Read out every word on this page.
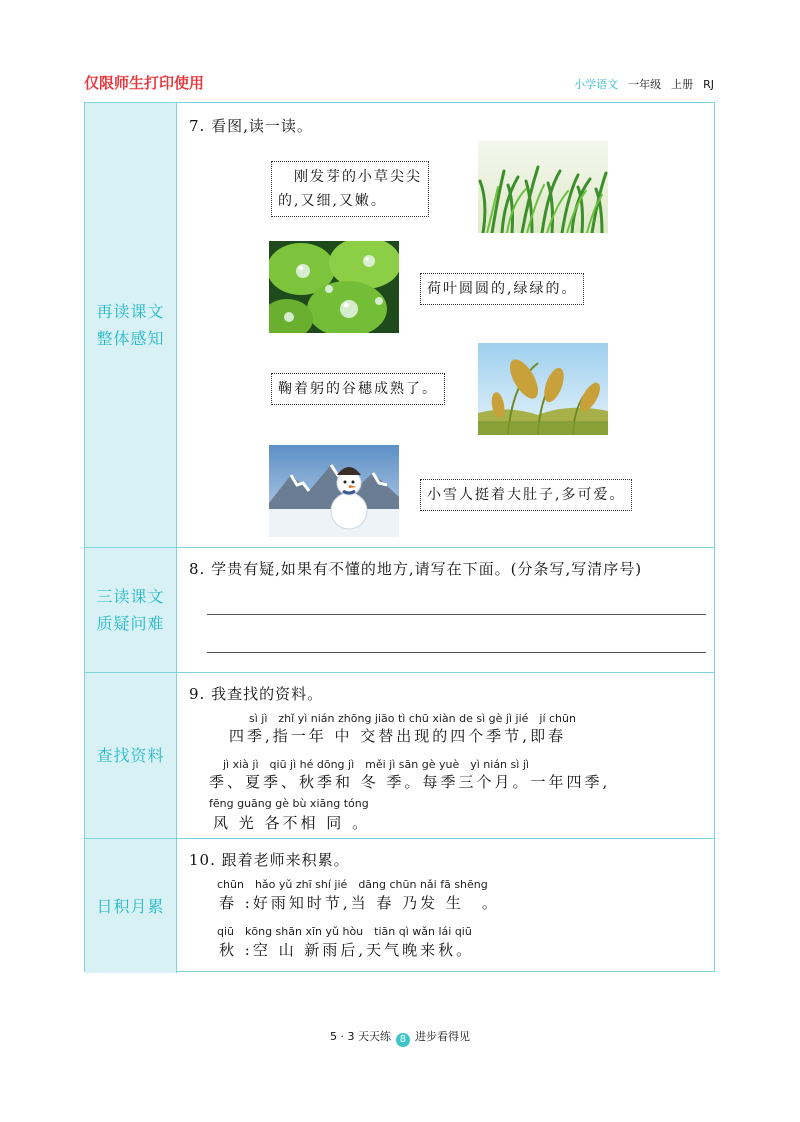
仅限师生打印使用	小学语文 一年级 上册 RJ
再读课文
整体感知
7. 看图,读一读。
　刚发芽的小草尖尖
的,又细,又嫩。
荷叶圆圆的,绿绿的。
鞠着躬的谷穗成熟了。
小雪人挺着大肚子,多可爱。
三读课文
质疑问难
8. 学贵有疑,如果有不懂的地方,请写在下面。(分条写,写清序号)
查找资料
9. 我查找的资料。
sì jì　zhǐ yì nián zhōng jiāo tì chū xiàn de sì gè jì jié　jí chūn
四季,指一年 中 交替出现的四个季节,即春
jì xià jì　qiū jì hé dōng jì　měi jì sān gè yuè　yì nián sì jì
季、夏季、秋季和 冬 季。每季三个月。一年四季,
fēng guāng gè bù xiāng tóng
风 光 各不相 同 。
日积月累
10. 跟着老师来积累。
chūn　hǎo yǔ zhī shí jié　dāng chūn nǎi fā shēng
春 :好雨知时节,当 春 乃发 生　。
qiū　kōng shān xīn yǔ hòu　tiān qì wǎn lái qiū
秋 :空 山 新雨后,天气晚来秋。
5 · 3 天天练 8 进步看得见
